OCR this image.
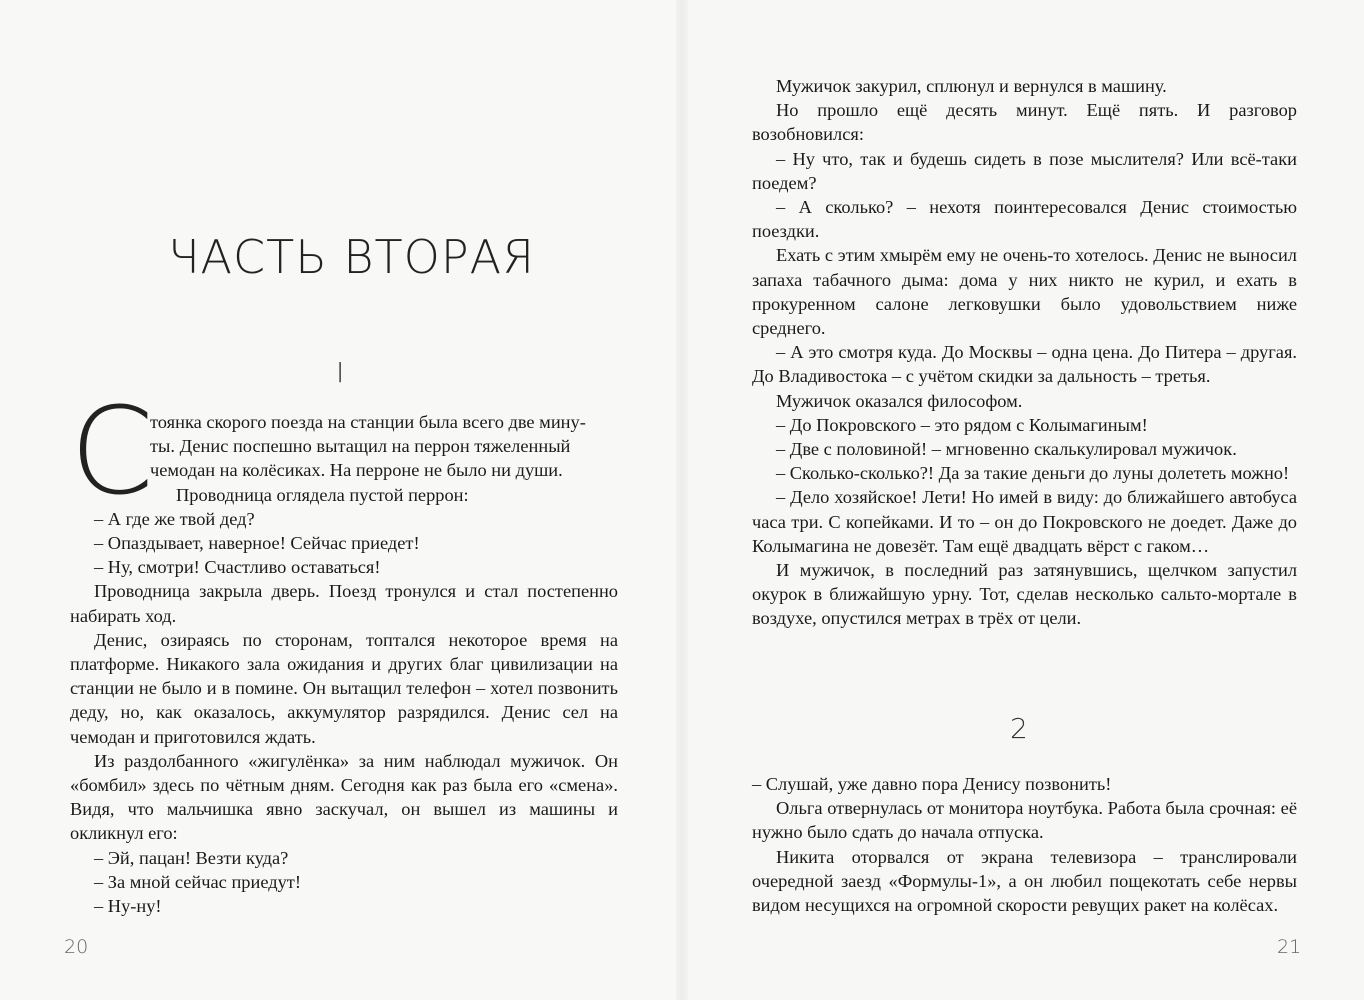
ЧАСТЬ ВТОРАЯ
I
С

тоянка скорого поезда на станции была всего две мину-

ты. Денис поспешно вытащил на перрон тяжеленный

чемодан на колёсиках. На перроне не было ни души.

Проводница оглядела пустой перрон:

– А где же твой дед?

– Опаздывает, наверное! Сейчас приедет!

– Ну, смотри! Счастливо оставаться!

Проводница закрыла дверь. Поезд тронулся и стал постепенно набирать ход.

Денис, озираясь по сторонам, топтался некоторое время на платформе. Никакого зала ожидания и других благ цивилизации на станции не было и в помине. Он вытащил телефон – хотел позвонить деду, но, как оказалось, аккумулятор разрядился. Денис сел на чемодан и приготовился ждать.

Из раздолбанного «жигулёнка» за ним наблюдал мужичок. Он «бомбил» здесь по чётным дням. Сегодня как раз была его «смена». Видя, что мальчишка явно заскучал, он вышел из машины и окликнул его:

– Эй, пацан! Везти куда?

– За мной сейчас приедут!

– Ну-ну!

20

Мужичок закурил, сплюнул и вернулся в машину.

Но прошло ещё десять минут. Ещё пять. И разговор возобновился:

– Ну что, так и будешь сидеть в позе мыслителя? Или всё-таки поедем?

– А сколько? – нехотя поинтересовался Денис стоимостью поездки.

Ехать с этим хмырём ему не очень-то хотелось. Денис не выносил запаха табачного дыма: дома у них никто не курил, и ехать в прокуренном салоне легковушки было удовольствием ниже среднего.

– А это смотря куда. До Москвы – одна цена. До Питера – другая. До Владивостока – с учётом скидки за дальность – третья.

Мужичок оказался философом.

– До Покровского – это рядом с Колымагиным!

– Две с половиной! – мгновенно скалькулировал мужичок.

– Сколько-сколько?! Да за такие деньги до луны долететь можно!

– Дело хозяйское! Лети! Но имей в виду: до ближайшего автобуса часа три. С копейками. И то – он до Покровского не доедет. Даже до Колымагина не довезёт. Там ещё двадцать вёрст с гаком…

И мужичок, в последний раз затянувшись, щелчком запустил окурок в ближайшую урну. Тот, сделав несколько сальто-мортале в воздухе, опустился метрах в трёх от цели.

2

– Слушай, уже давно пора Денису позвонить!

Ольга отвернулась от монитора ноутбука. Работа была срочная: её нужно было сдать до начала отпуска.

Никита оторвался от экрана телевизора – транслировали очередной заезд «Формулы-1», а он любил пощекотать себе нервы видом несущихся на огромной скорости ревущих ракет на колёсах.

21
